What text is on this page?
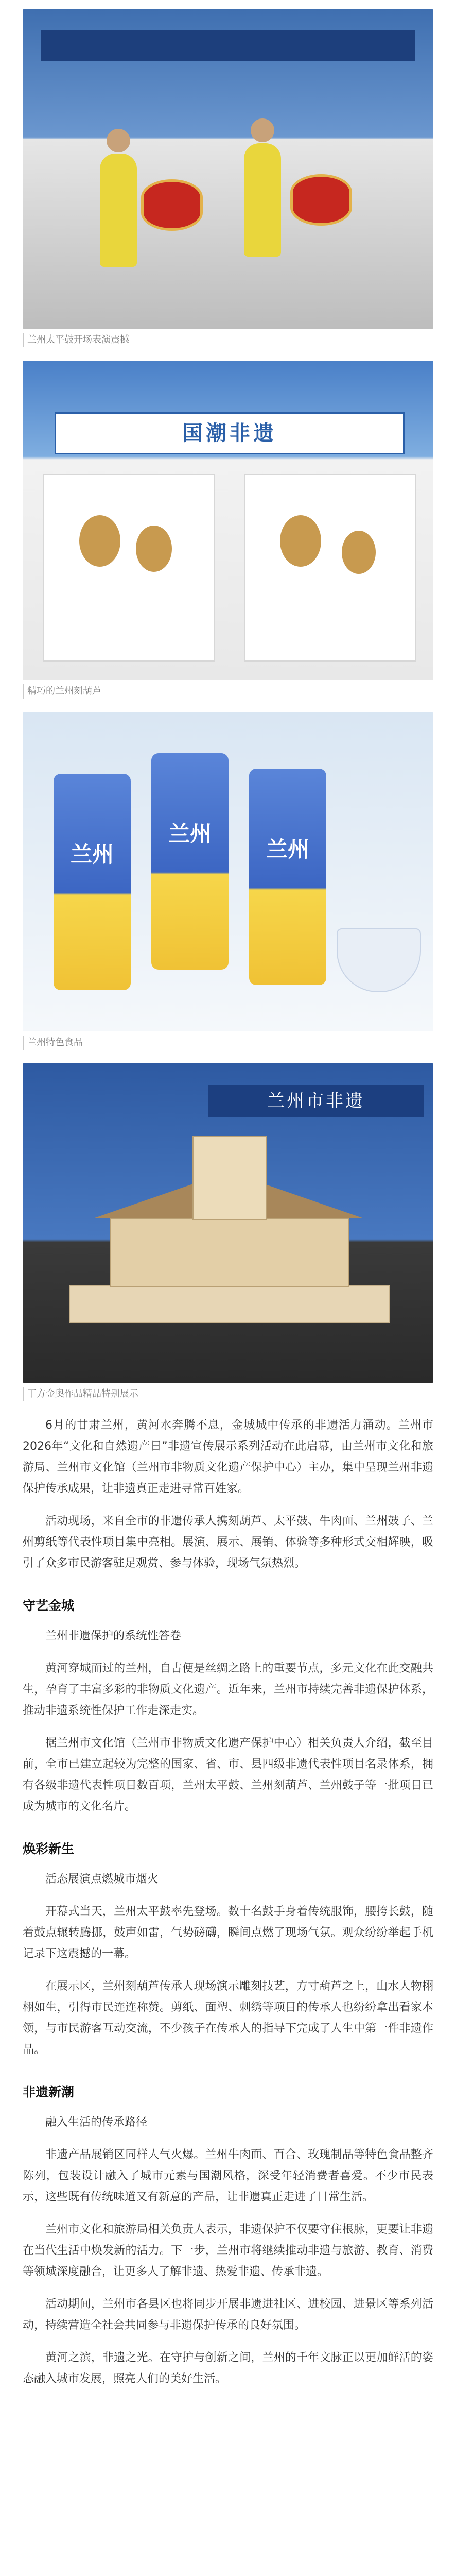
兰州太平鼓开场表演震撼
国潮非遗
精巧的兰州刻葫芦
兰州
兰州
兰州
兰州特色食品
兰州市非遗
丁方金奥作品精品特别展示

6月的甘肃兰州，黄河水奔腾不息，金城城中传承的非遗活力涌动。兰州市2026年“文化和自然遗产日”非遗宣传展示系列活动在此启幕，由兰州市文化和旅游局、兰州市文化馆（兰州市非物质文化遗产保护中心）主办，集中呈现兰州非遗保护传承成果，让非遗真正走进寻常百姓家。

活动现场，来自全市的非遗传承人携刻葫芦、太平鼓、牛肉面、兰州鼓子、兰州剪纸等代表性项目集中亮相。展演、展示、展销、体验等多种形式交相辉映，吸引了众多市民游客驻足观赏、参与体验，现场气氛热烈。

守艺金城

兰州非遗保护的系统性答卷

黄河穿城而过的兰州，自古便是丝绸之路上的重要节点，多元文化在此交融共生，孕育了丰富多彩的非物质文化遗产。近年来，兰州市持续完善非遗保护体系，推动非遗系统性保护工作走深走实。

据兰州市文化馆（兰州市非物质文化遗产保护中心）相关负责人介绍，截至目前，全市已建立起较为完整的国家、省、市、县四级非遗代表性项目名录体系，拥有各级非遗代表性项目数百项，兰州太平鼓、兰州刻葫芦、兰州鼓子等一批项目已成为城市的文化名片。

焕彩新生

活态展演点燃城市烟火

开幕式当天，兰州太平鼓率先登场。数十名鼓手身着传统服饰，腰挎长鼓，随着鼓点辗转腾挪，鼓声如雷，气势磅礴，瞬间点燃了现场气氛。观众纷纷举起手机记录下这震撼的一幕。

在展示区，兰州刻葫芦传承人现场演示雕刻技艺，方寸葫芦之上，山水人物栩栩如生，引得市民连连称赞。剪纸、面塑、刺绣等项目的传承人也纷纷拿出看家本领，与市民游客互动交流，不少孩子在传承人的指导下完成了人生中第一件非遗作品。

非遗新潮

融入生活的传承路径

非遗产品展销区同样人气火爆。兰州牛肉面、百合、玫瑰制品等特色食品整齐陈列，包装设计融入了城市元素与国潮风格，深受年轻消费者喜爱。不少市民表示，这些既有传统味道又有新意的产品，让非遗真正走进了日常生活。

兰州市文化和旅游局相关负责人表示，非遗保护不仅要守住根脉，更要让非遗在当代生活中焕发新的活力。下一步，兰州市将继续推动非遗与旅游、教育、消费等领域深度融合，让更多人了解非遗、热爱非遗、传承非遗。

活动期间，兰州市各县区也将同步开展非遗进社区、进校园、进景区等系列活动，持续营造全社会共同参与非遗保护传承的良好氛围。

黄河之滨，非遗之光。在守护与创新之间，兰州的千年文脉正以更加鲜活的姿态融入城市发展，照亮人们的美好生活。
